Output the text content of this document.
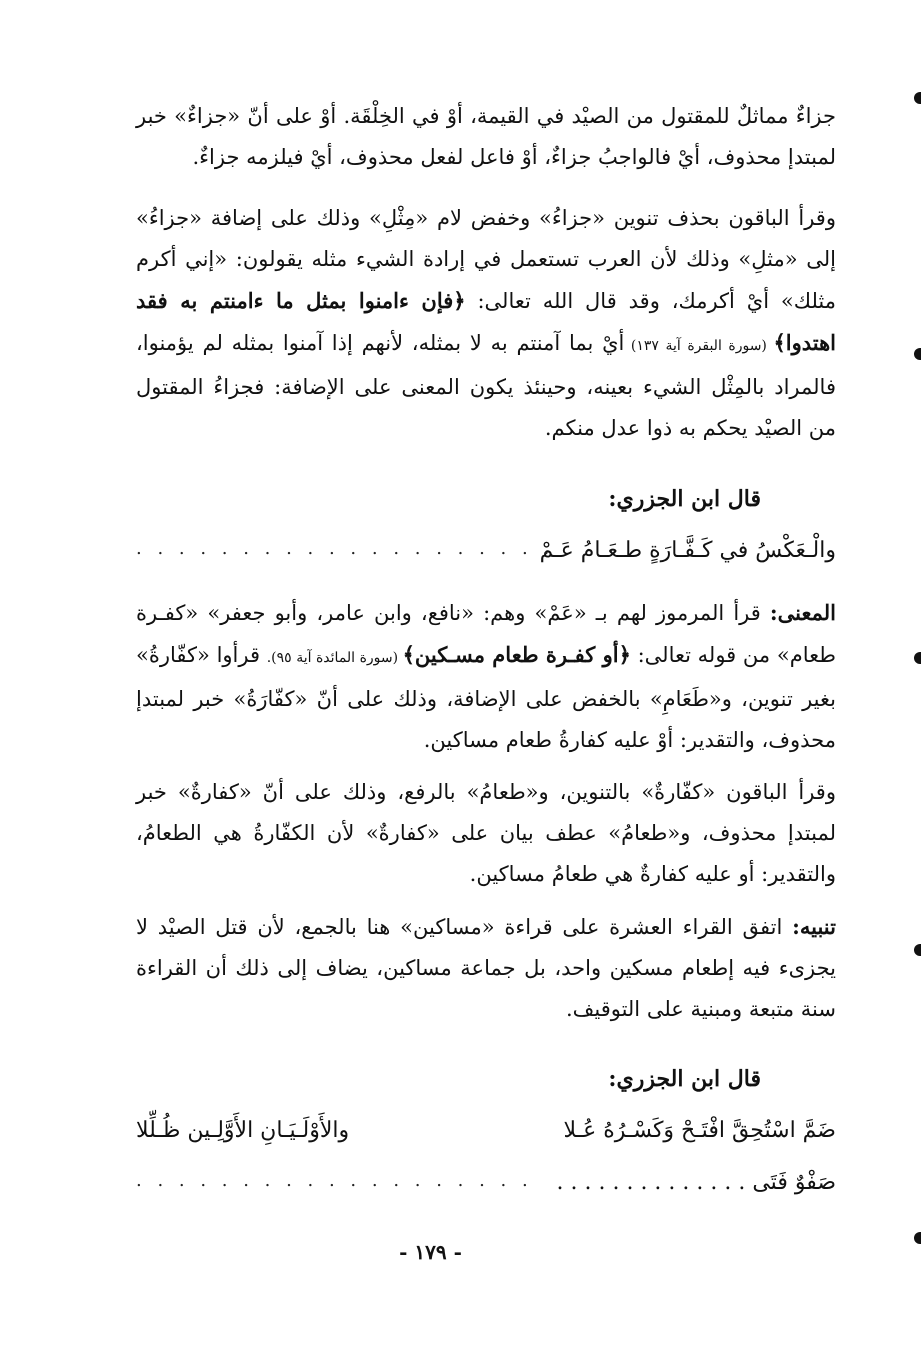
جزاءٌ مماثلٌ للمقتول من الصيْد في القيمة، أوْ في الخِلْقَة. أوْ على أنّ «جزاءٌ» خبر لمبتدإ محذوف، أيْ فالواجبُ جزاءٌ، أوْ فاعل لفعل محذوف، أيْ فيلزمه جزاءٌ.

وقرأ الباقون بحذف تنوين «جزاءُ» وخفض لام «مِثْلِ» وذلك على إضافة «جزاءُ» إلى «مثلِ» وذلك لأن العرب تستعمل في إرادة الشيء مثله يقولون: «إني أكرم مثلك» أيْ أكرمك، وقد قال الله تعالى: ﴿فإن ءامنوا بمثل ما ءامنتم به فقد اهتدوا﴾ (سورة البقرة آية ١٣٧) أيْ بما آمنتم به لا بمثله، لأنهم إذا آمنوا بمثله لم يؤمنوا، فالمراد بالمِثْل الشيء بعينه، وحينئذ يكون المعنى على الإضافة: فجزاءُ المقتول من الصيْد يحكم به ذوا عدل منكم.

قال ابن الجزري:

والْـعَكْسُ في كَـفَّـارَةٍ طـعَـامُ عَـمْ
. . . . . . . . . . . . . . . . . . . .

المعنى: قرأ المرموز لهم بـ «عَمْ» وهم: «نافع، وابن عامر، وأبو جعفر» «كفـرة طعام» من قوله تعالى: ﴿أو كفـرة طعام مسـكين﴾ (سورة المائدة آية ٩٥). قرأوا «كفّارةُ» بغير تنوين، و«طَعَامِ» بالخفض على الإضافة، وذلك على أنّ «كفّارَةُ» خبر لمبتدإ محذوف، والتقدير: أوْ عليه كفارةُ طعام مساكين.

وقرأ الباقون «كفّارةٌ» بالتنوين، و«طعامُ» بالرفع، وذلك على أنّ «كفارةٌ» خبر لمبتدإ محذوف، و«طعامُ» عطف بيان على «كفارةٌ» لأن الكفّارةُ هي الطعامُ، والتقدير: أو عليه كفارةٌ هي طعامُ مساكين.

تنبيه: اتفق القراء العشرة على قراءة «مساكين» هنا بالجمع، لأن قتل الصيْد لا يجزىء فيه إطعام مسكين واحد، بل جماعة مساكين، يضاف إلى ذلك أن القراءة سنة متبعة ومبنية على التوقيف.

قال ابن الجزري:

ضَمَّ اسْتُحِقَّ افْتَـحْ وَكَسْـرُهُ عُـلا
والأَوْلَـيَـانِ الأَوَّلِـين ظُـلِّلا
صَفْوٌ فَتَى . . . . . . . . . . . . . .
. . . . . . . . . . . . . . . . . . .

- ١٧٩ -
